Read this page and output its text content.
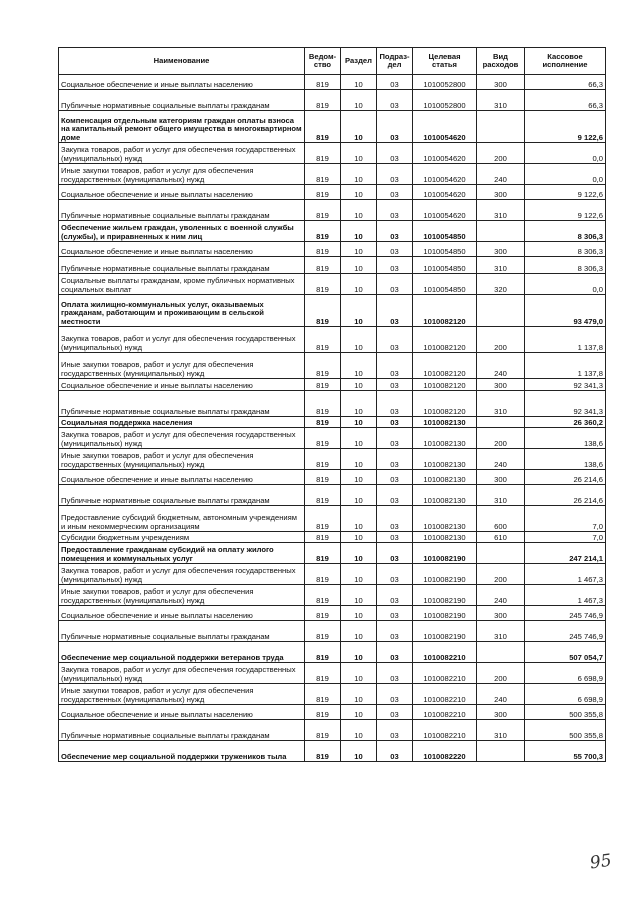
Наименование	Ведом-ство	Раздел	Подраз-дел	Целевая статья	Вид расходов	Кассовое исполнение
Социальное обеспечение и иные выплаты населению	819	10	03	1010052800	300	66,3
Публичные нормативные социальные выплаты гражданам	819	10	03	1010052800	310	66,3
Компенсация отдельным категориям граждан оплаты взноса на капитальный ремонт общего имущества в многоквартирном доме	819	10	03	1010054620		9 122,6
Закупка товаров, работ и услуг для обеспечения государственных (муниципальных) нужд	819	10	03	1010054620	200	0,0
Иные закупки товаров, работ и услуг для обеспечения государственных (муниципальных) нужд	819	10	03	1010054620	240	0,0
Социальное обеспечение и иные выплаты населению	819	10	03	1010054620	300	9 122,6
Публичные нормативные социальные выплаты гражданам	819	10	03	1010054620	310	9 122,6
Обеспечение жильем граждан, уволенных с военной службы (службы), и приравненных к ним лиц	819	10	03	1010054850		8 306,3
Социальное обеспечение и иные выплаты населению	819	10	03	1010054850	300	8 306,3
Публичные нормативные социальные выплаты гражданам	819	10	03	1010054850	310	8 306,3
Социальные выплаты гражданам, кроме публичных нормативных социальных выплат	819	10	03	1010054850	320	0,0
Оплата жилищно-коммунальных услуг, оказываемых гражданам, работающим и проживающим в сельской местности	819	10	03	1010082120		93 479,0
Закупка товаров, работ и услуг для обеспечения государственных (муниципальных) нужд	819	10	03	1010082120	200	1 137,8
Иные закупки товаров, работ и услуг для обеспечения государственных (муниципальных) нужд	819	10	03	1010082120	240	1 137,8
Социальное обеспечение и иные выплаты населению	819	10	03	1010082120	300	92 341,3
Публичные нормативные социальные выплаты гражданам	819	10	03	1010082120	310	92 341,3
Социальная поддержка населения	819	10	03	1010082130		26 360,2
Закупка товаров, работ и услуг для обеспечения государственных (муниципальных) нужд	819	10	03	1010082130	200	138,6
Иные закупки товаров, работ и услуг для обеспечения государственных (муниципальных) нужд	819	10	03	1010082130	240	138,6
Социальное обеспечение и иные выплаты населению	819	10	03	1010082130	300	26 214,6
Публичные нормативные социальные выплаты гражданам	819	10	03	1010082130	310	26 214,6
Предоставление субсидий бюджетным, автономным учреждениям и иным некоммерческим организациям	819	10	03	1010082130	600	7,0
Субсидии бюджетным учреждениям	819	10	03	1010082130	610	7,0
Предоставление гражданам субсидий на оплату жилого помещения и коммунальных услуг	819	10	03	1010082190		247 214,1
Закупка товаров, работ и услуг для обеспечения государственных (муниципальных) нужд	819	10	03	1010082190	200	1 467,3
Иные закупки товаров, работ и услуг для обеспечения государственных (муниципальных) нужд	819	10	03	1010082190	240	1 467,3
Социальное обеспечение и иные выплаты населению	819	10	03	1010082190	300	245 746,9
Публичные нормативные социальные выплаты гражданам	819	10	03	1010082190	310	245 746,9
Обеспечение мер социальной поддержки ветеранов труда	819	10	03	1010082210		507 054,7
Закупка товаров, работ и услуг для обеспечения государственных (муниципальных) нужд	819	10	03	1010082210	200	6 698,9
Иные закупки товаров, работ и услуг для обеспечения государственных (муниципальных) нужд	819	10	03	1010082210	240	6 698,9
Социальное обеспечение и иные выплаты населению	819	10	03	1010082210	300	500 355,8
Публичные нормативные социальные выплаты гражданам	819	10	03	1010082210	310	500 355,8
Обеспечение мер социальной поддержки тружеников тыла	819	10	03	1010082220		55 700,3
95
